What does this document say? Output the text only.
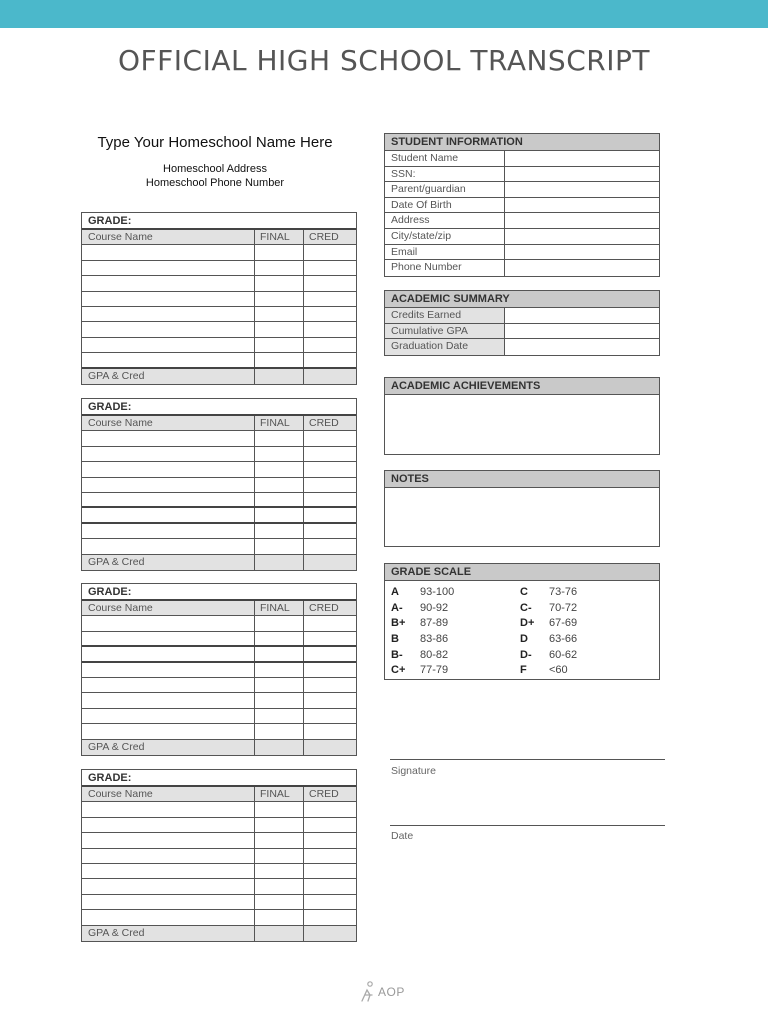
OFFICIAL HIGH SCHOOL TRANSCRIPT
Type Your Homeschool Name Here
Homeschool Address
Homeschool Phone Number
GRADE:
Course Name	FINAL	CRED
GPA & Cred
GRADE:
Course Name	FINAL	CRED
GPA & Cred
GRADE:
Course Name	FINAL	CRED
GPA & Cred
GRADE:
Course Name	FINAL	CRED
GPA & Cred
STUDENT INFORMATION
Student Name
SSN:
Parent/guardian
Date Of Birth
Address
City/state/zip
Email
Phone Number
ACADEMIC SUMMARY
Credits Earned
Cumulative GPA
Graduation Date
ACADEMIC ACHIEVEMENTS
NOTES
GRADE SCALE
A	93-100	C	73-76
A-	90-92	C-	70-72
B+	87-89	D+	67-69
B	83-86	D	63-66
B-	80-82	D-	60-62
C+	77-79	F	<60
Signature
Date
AOP
